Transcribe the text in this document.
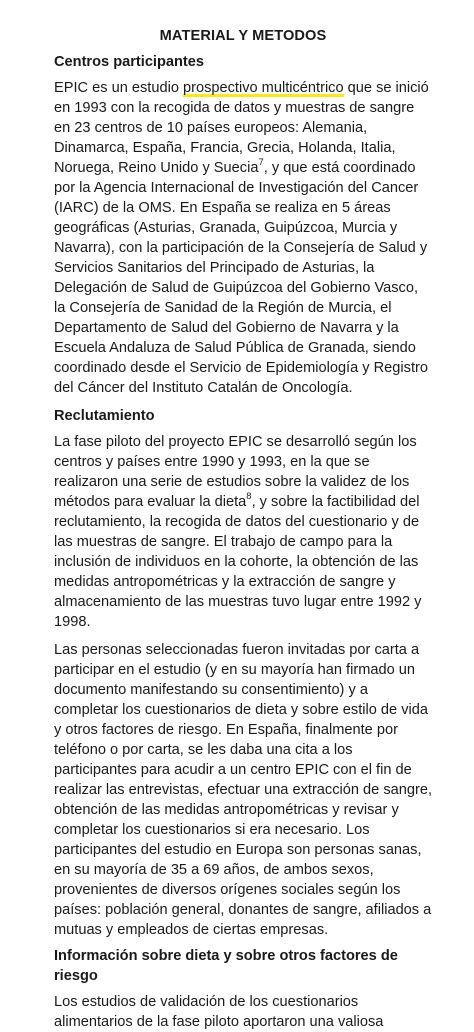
MATERIAL Y METODOS
Centros participantes

EPIC es un estudio prospectivo multicéntrico que se inició en 1993 con la recogida de datos y muestras de sangre en 23 centros de 10 países europeos: Alemania, Dinamarca, España, Francia, Grecia, Holanda, Italia, Noruega, Reino Unido y Suecia$^7$, y que está coordinado por la Agencia Internacional de Investigación del Cancer (IARC) de la OMS. En España se realiza en 5 áreas geográficas (Asturias, Granada, Guipúzcoa, Murcia y Navarra), con la participación de la Consejería de Salud y Servicios Sanitarios del Principado de Asturias, la Delegación de Salud de Guipúzcoa del Gobierno Vasco, la Consejería de Sanidad de la Región de Murcia, el Departamento de Salud del Gobierno de Navarra y la Escuela Andaluza de Salud Pública de Granada, siendo coordinado desde el Servicio de Epidemiología y Registro del Cáncer del Instituto Catalán de Oncología.

Reclutamiento

La fase piloto del proyecto EPIC se desarrolló según los centros y países entre 1990 y 1993, en la que se realizaron una serie de estudios sobre la validez de los métodos para evaluar la dieta$^8$, y sobre la factibilidad del reclutamiento, la recogida de datos del cuestionario y de las muestras de sangre. El trabajo de campo para la inclusión de individuos en la cohorte, la obtención de las medidas antropométricas y la extracción de sangre y almacenamiento de las muestras tuvo lugar entre 1992 y 1998.

Las personas seleccionadas fueron invitadas por carta a participar en el estudio (y en su mayoría han firmado un documento manifestando su consentimiento) y a completar los cuestionarios de dieta y sobre estilo de vida y otros factores de riesgo. En España, finalmente por teléfono o por carta, se les daba una cita a los participantes para acudir a un centro EPIC con el fin de realizar las entrevistas, efectuar una extracción de sangre, obtención de las medidas antropométricas y revisar y completar los cuestionarios si era necesario. Los participantes del estudio en Europa son personas sanas, en su mayoría de 35 a 69 años, de ambos sexos, provenientes de diversos orígenes sociales según los países: población general, donantes de sangre, afiliados a mutuas y empleados de ciertas empresas.

Información sobre dieta y sobre otros factores de riesgo

Los estudios de validación de los cuestionarios alimentarios de la fase piloto aportaron una valiosa
